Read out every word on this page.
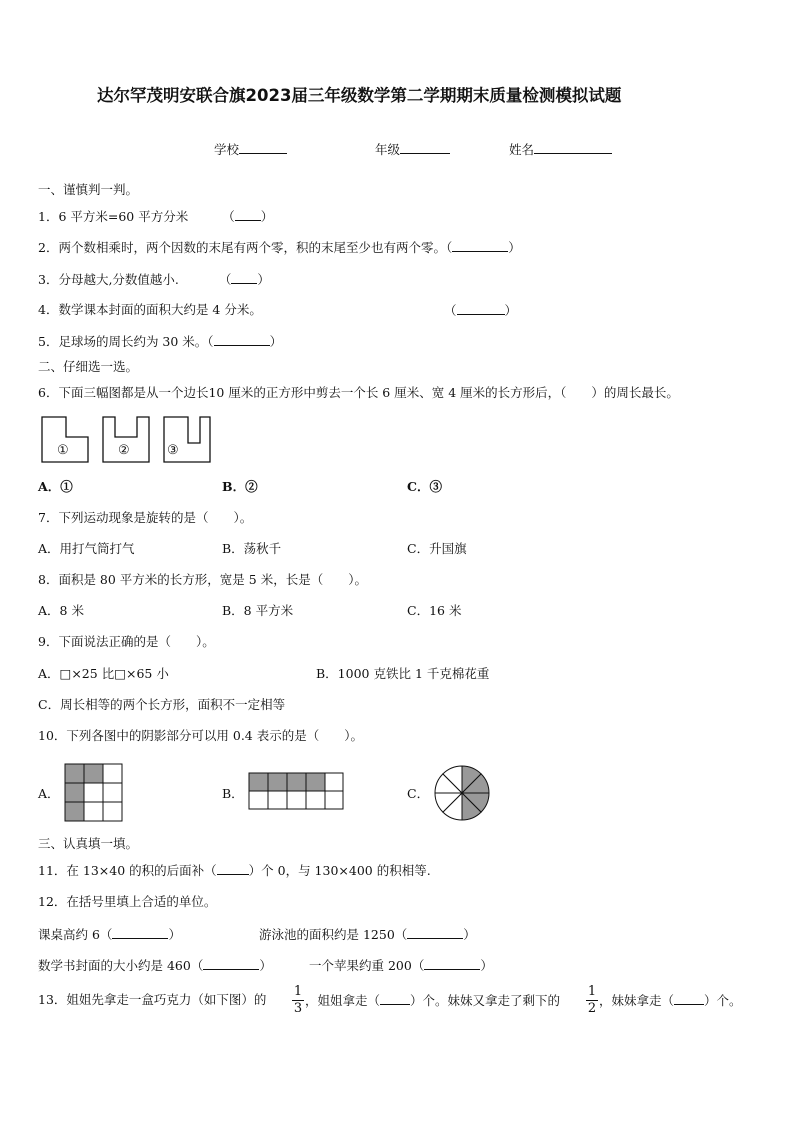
达尔罕茂明安联合旗2023届三年级数学第二学期期末质量检测模拟试题
学校	年级	姓名
一、谨慎判一判。
1．6 平方米=60 平方分米	（ ）
2．两个数相乘时，两个因数的末尾有两个零，积的末尾至少也有两个零。（	）
3．分母越大,分数值越小.	（ ）
4．数学课本封面的面积大约是 4 分米。	（	）
5．足球场的周长约为 30 米。（	）
二、仔细选一选。
6．下面三幅图都是从一个边长10 厘米的正方形中剪去一个长 6 厘米、宽 4 厘米的长方形后，（　　）的周长最长。
①	②	③
A．①	B．②	C．③
7．下列运动现象是旋转的是（　　）。
A．用打气筒打气	B．荡秋千	C．升国旗
8．面积是 80 平方米的长方形，宽是 5 米，长是（　　）。
A．8 米	B．8 平方米	C．16 米
9．下面说法正确的是（　　）。
A．□×25 比□×65 小	B．1000 克铁比 1 千克棉花重
C．周长相等的两个长方形，面积不一定相等
10．下列各图中的阴影部分可以用 0.4 表示的是（　　）。
A．	B．	C．
三、认真填一填。
11．在 13×40 的积的后面补（	）个 0，与 130×400 的积相等.
12．在括号里填上合适的单位。
课桌高约 6（	）	游泳池的面积约是 1250（	）
数学书封面的大小约是 460（	）	一个苹果约重 200（	）
13．姐姐先拿走一盒巧克力（如下图）的
1
3
，姐姐拿走（ ）个。妹妹又拿走了剩下的
1
2
，妹妹拿走（ ）个。
